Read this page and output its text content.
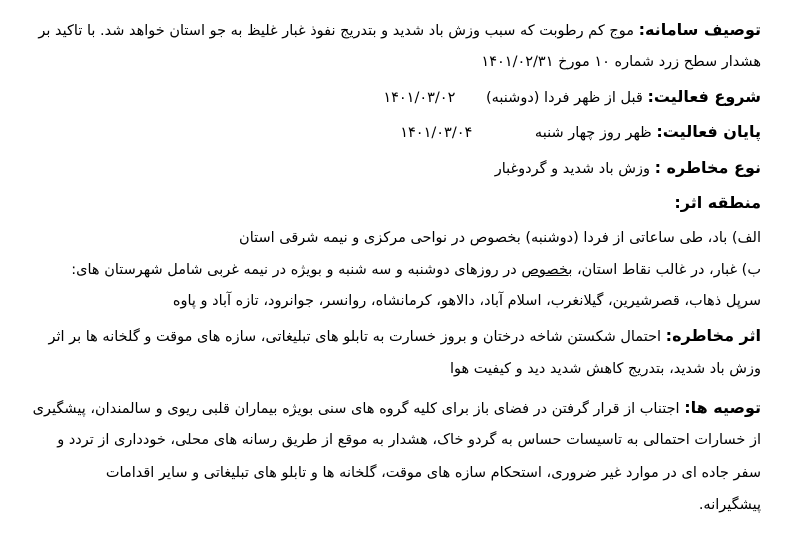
توصیف سامانه: موج کم رطوبت که سبب وزش باد شدید و بتدریج نفوذ غبار غلیظ به جو استان خواهد شد. با تاکید بر
هشدار سطح زرد شماره ۱۰ مورخ ۱۴۰۱/۰۲/۳۱
شروع فعالیت: قبل از ظهر فردا (دوشنبه) ۱۴۰۱/۰۳/۰۲
پایان فعالیت: ظهر روز چهار شنبه ۱۴۰۱/۰۳/۰۴
نوع مخاطره : وزش باد شدید و گردوغبار
منطقه اثر:
الف) باد، طی ساعاتی از فردا (دوشنبه) بخصوص در نواحی مرکزی و نیمه شرقی استان
ب) غبار، در غالب نقاط استان، بخصوص در روزهای دوشنبه و سه شنبه و بویژه در نیمه غربی شامل شهرستان های:
سرپل ذهاب، قصرشیرین، گیلانغرب، اسلام آباد، دالاهو، کرمانشاه، روانسر، جوانرود، تازه آباد و پاوه
اثر مخاطره: احتمال شکستن شاخه درختان و بروز خسارت به تابلو های تبلیغاتی، سازه های موقت و گلخانه ها بر اثر
وزش باد شدید، بتدریج کاهش شدید دید و کیفیت هوا
توصیه ها: اجتناب از قرار گرفتن در فضای باز برای کلیه گروه های سنی بویژه بیماران قلبی ریوی و سالمندان، پیشگیری
از خسارات احتمالی به تاسیسات حساس به گردو خاک، هشدار به موقع از طریق رسانه های محلی، خودداری از تردد و
سفر جاده ای در موارد غیر ضروری، استحکام سازه های موقت، گلخانه ها و تابلو های تبلیغاتی و سایر اقدامات
پیشگیرانه.
